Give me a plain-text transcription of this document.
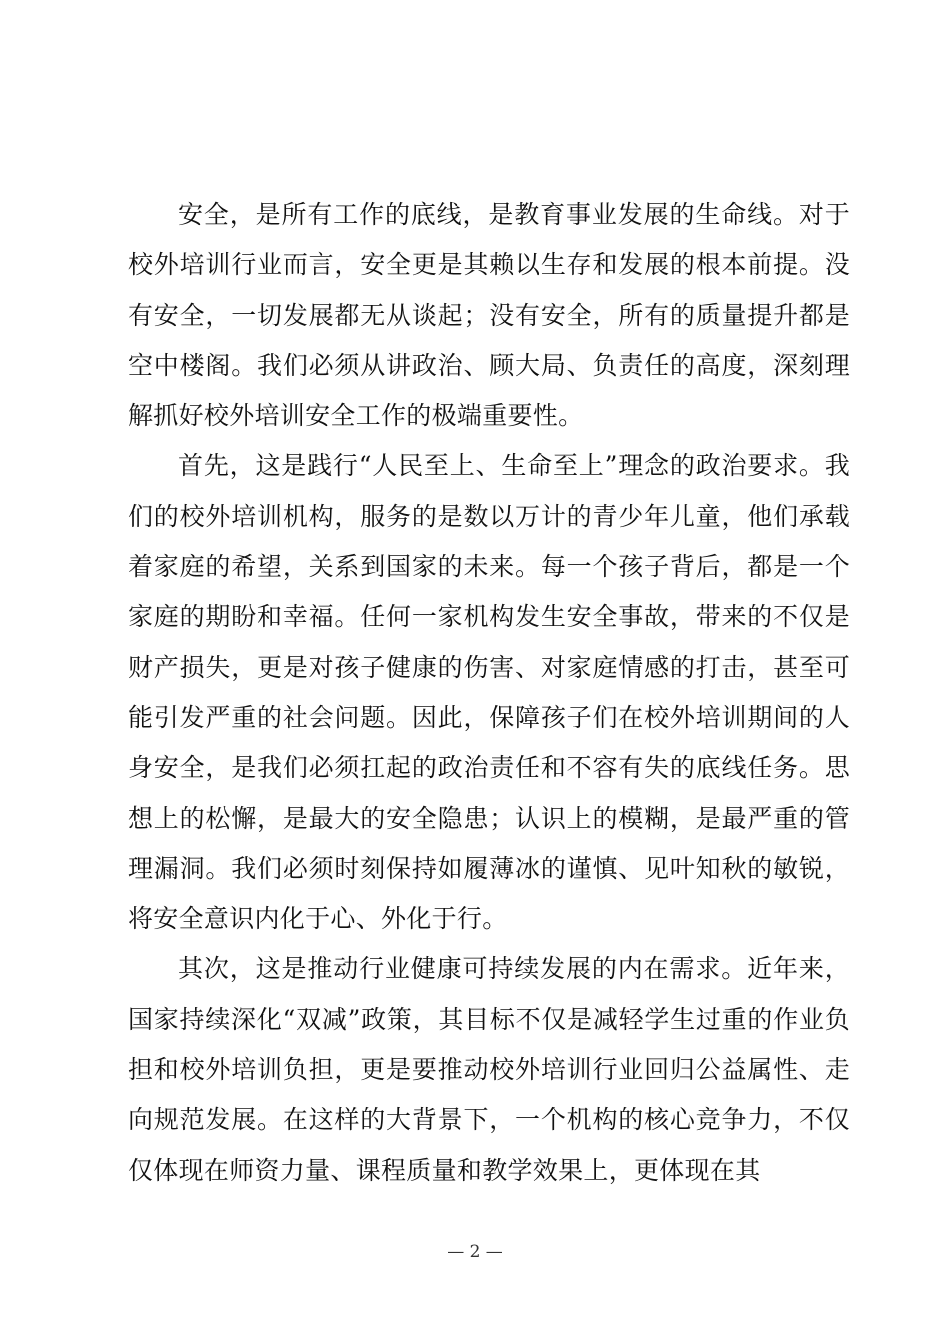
安全，是所有工作的底线，是教育事业发展的生命线。对于校外培训行业而言，安全更是其赖以生存和发展的根本前提。没有安全，一切发展都无从谈起；没有安全，所有的质量提升都是空中楼阁。我们必须从讲政治、顾大局、负责任的高度，深刻理解抓好校外培训安全工作的极端重要性。

首先，这是践行“人民至上、生命至上”理念的政治要求。我们的校外培训机构，服务的是数以万计的青少年儿童，他们承载着家庭的希望，关系到国家的未来。每一个孩子背后，都是一个家庭的期盼和幸福。任何一家机构发生安全事故，带来的不仅是财产损失，更是对孩子健康的伤害、对家庭情感的打击，甚至可能引发严重的社会问题。因此，保障孩子们在校外培训期间的人身安全，是我们必须扛起的政治责任和不容有失的底线任务。思想上的松懈，是最大的安全隐患；认识上的模糊，是最严重的管理漏洞。我们必须时刻保持如履薄冰的谨慎、见叶知秋的敏锐，将安全意识内化于心、外化于行。

其次，这是推动行业健康可持续发展的内在需求。近年来，国家持续深化“双减”政策，其目标不仅是减轻学生过重的作业负担和校外培训负担，更是要推动校外培训行业回归公益属性、走向规范发展。在这样的大背景下，一个机构的核心竞争力，不仅仅体现在师资力量、课程质量和教学效果上，更体现在其

— 2 —
